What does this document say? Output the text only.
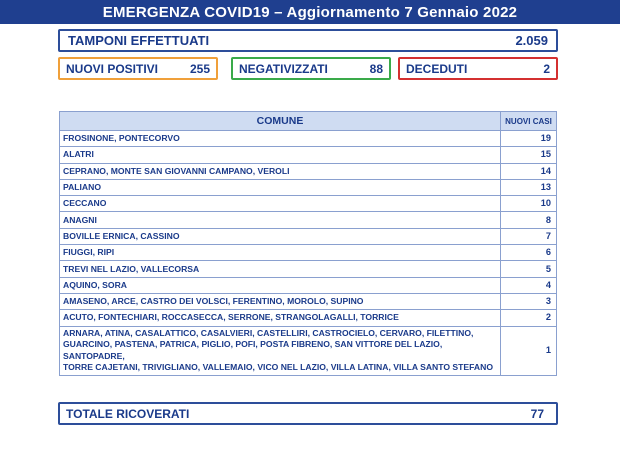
EMERGENZA COVID19 – Aggiornamento 7 Gennaio 2022
TAMPONI EFFETTUATI	2.059
NUOVI POSITIVI	255 NEGATIVIZZATI	88 DECEDUTI	2
COMUNE	NUOVI CASI
FROSINONE, PONTECORVO	19
ALATRI	15
CEPRANO, MONTE SAN GIOVANNI CAMPANO, VEROLI	14
PALIANO	13
CECCANO	10
ANAGNI	8
BOVILLE ERNICA, CASSINO	7
FIUGGI, RIPI	6
TREVI NEL LAZIO, VALLECORSA	5
AQUINO, SORA	4
AMASENO, ARCE, CASTRO DEI VOLSCI, FERENTINO, MOROLO, SUPINO	3
ACUTO, FONTECHIARI, ROCCASECCA, SERRONE, STRANGOLAGALLI, TORRICE	2

ARNARA, ATINA, CASALATTICO, CASALVIERI, CASTELLIRI, CASTROCIELO, CERVARO, FILETTINO,
GUARCINO, PASTENA, PATRICA, PIGLIO, POFI, POSTA FIBRENO, SAN VITTORE DEL LAZIO, SANTOPADRE,
TORRE CAJETANI, TRIVIGLIANO, VALLEMAIO, VICO NEL LAZIO, VILLA LATINA, VILLA SANTO STEFANO	1
TOTALE RICOVERATI	77
